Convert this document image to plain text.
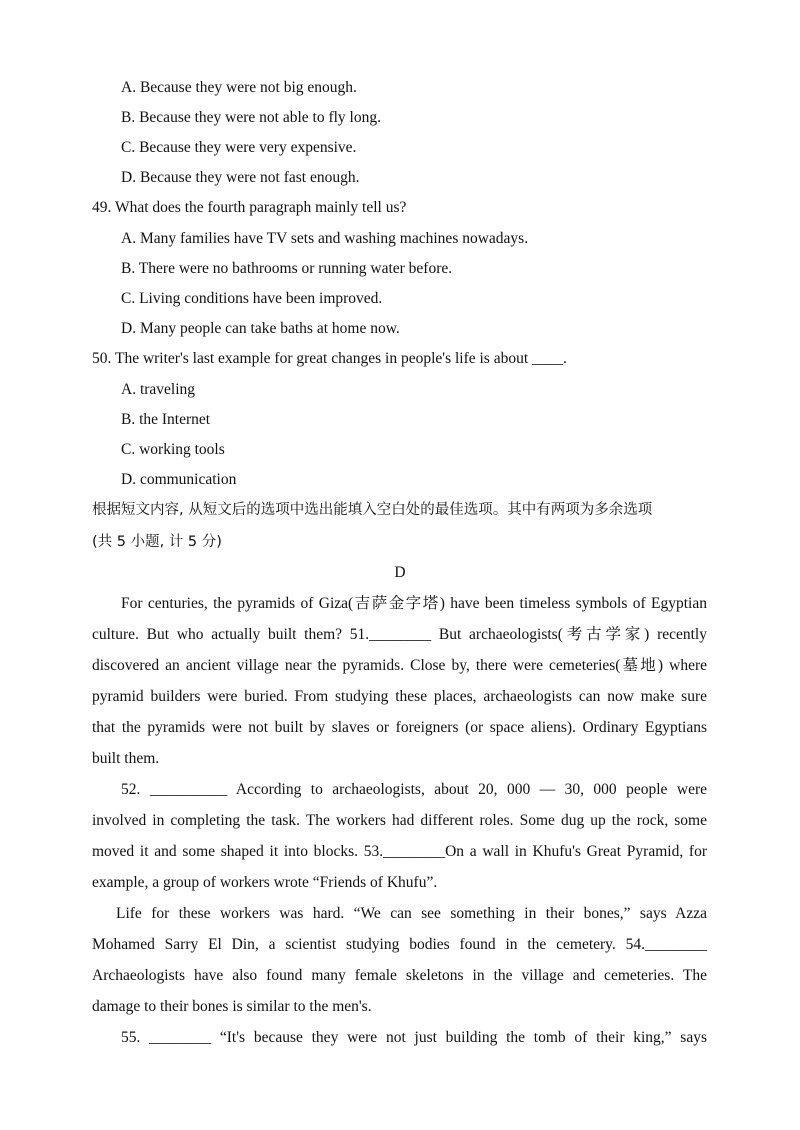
A. Because they were not big enough.
B. Because they were not able to fly long.
C. Because they were very expensive.
D. Because they were not fast enough.
49. What does the fourth paragraph mainly tell us?
A. Many families have TV sets and washing machines nowadays.
B. There were no bathrooms or running water before.
C. Living conditions have been improved.
D. Many people can take baths at home now.
50. The writer's last example for great changes in people's life is about ____.
A. traveling
B. the Internet
C. working tools
D. communication
根据短文内容, 从短文后的选项中选出能填入空白处的最佳选项。其中有两项为多余选项
(共 5 小题, 计 5 分)
D
For centuries, the pyramids of Giza(吉萨金字塔) have been timeless symbols of Egyptian
culture. But who actually built them? 51.________ But archaeologists(考古学家) recently
discovered an ancient village near the pyramids. Close by, there were cemeteries(墓地) where
pyramid builders were buried. From studying these places, archaeologists can now make sure
that the pyramids were not built by slaves or foreigners (or space aliens). Ordinary Egyptians
built them.
52. __________ According to archaeologists, about 20, 000 — 30, 000 people were
involved in completing the task. The workers had different roles. Some dug up the rock, some
moved it and some shaped it into blocks. 53.________On a wall in Khufu's Great Pyramid, for
example, a group of workers wrote “Friends of Khufu”.
Life for these workers was hard. “We can see something in their bones,” says Azza
Mohamed Sarry El Din, a scientist studying bodies found in the cemetery. 54.________
Archaeologists have also found many female skeletons in the village and cemeteries. The
damage to their bones is similar to the men's.
55. ________ “It's because they were not just building the tomb of their king,” says
